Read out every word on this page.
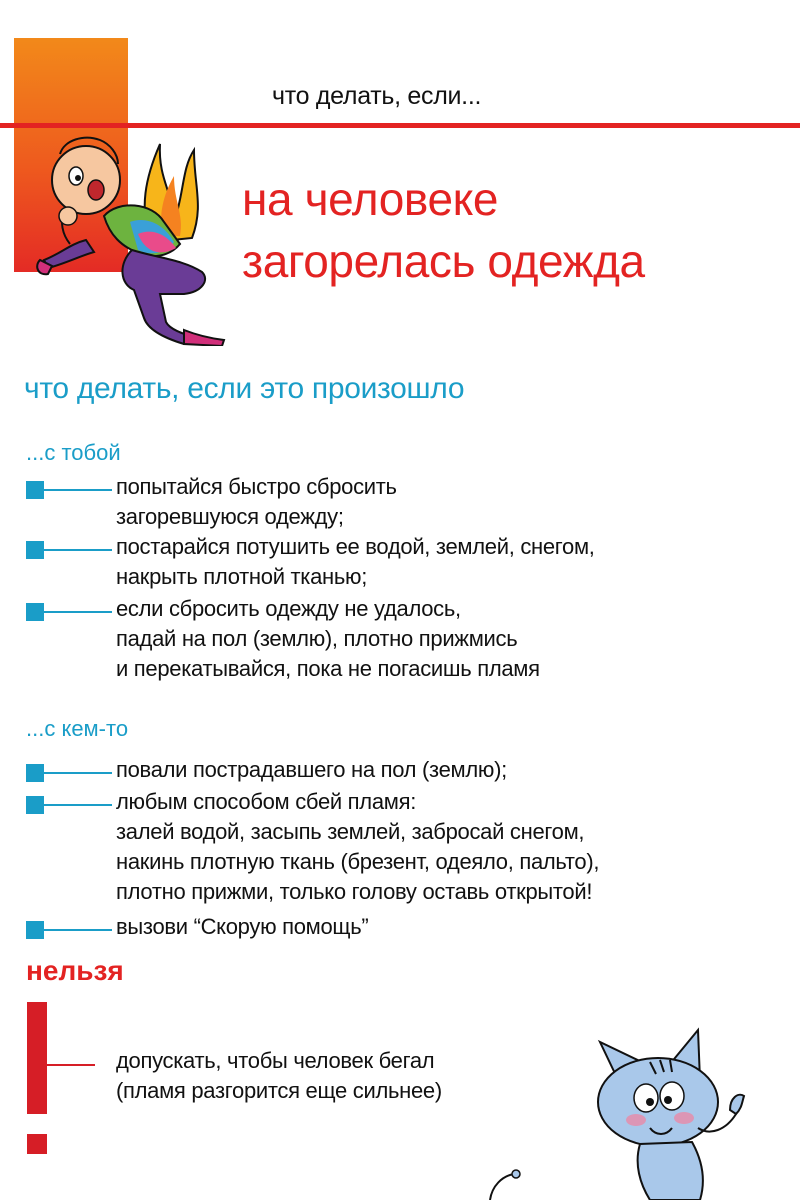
что делать, если...
на человеке
загорелась одежда
что делать, если это произошло
...с тобой
попытайся быстро сбросить
загоревшуюся одежду;
постарайся потушить ее водой, землей, снегом,
накрыть плотной тканью;
если сбросить одежду не удалось,
падай на пол (землю), плотно прижмись
и перекатывайся, пока не погасишь пламя
...с кем-то
повали пострадавшего на пол (землю);
любым способом сбей пламя:
залей водой, засыпь землей, забросай снегом,
накинь плотную ткань (брезент, одеяло, пальто),
плотно прижми, только голову оставь открытой!
вызови “Скорую помощь”
нельзя
допускать, чтобы человек бегал
(пламя разгорится еще сильнее)
